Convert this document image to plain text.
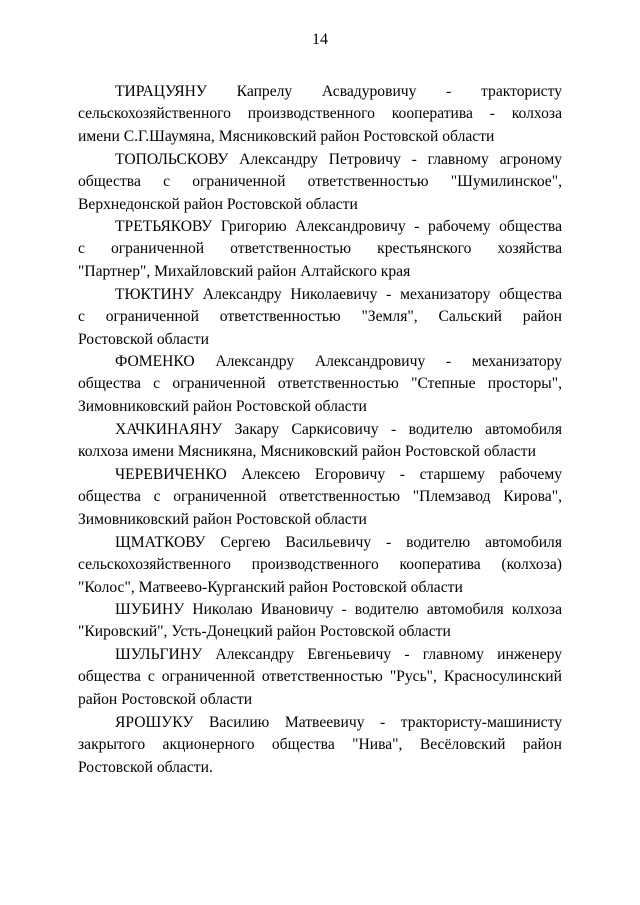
14
ТИРАЦУЯНУ Капрелу Асвадуровичу - трактористу
сельскохозяйственного производственного кооператива - колхоза
имени С.Г.Шаумяна, Мясниковский район Ростовской области
ТОПОЛЬСКОВУ Александру Петровичу - главному агроному
общества с ограниченной ответственностью "Шумилинское",
Верхнедонской район Ростовской области
ТРЕТЬЯКОВУ Григорию Александровичу - рабочему общества
с ограниченной ответственностью крестьянского хозяйства
"Партнер", Михайловский район Алтайского края
ТЮКТИНУ Александру Николаевичу - механизатору общества
с ограниченной ответственностью "Земля", Сальский район
Ростовской области
ФОМЕНКО Александру Александровичу - механизатору
общества с ограниченной ответственностью "Степные просторы",
Зимовниковский район Ростовской области
ХАЧКИНАЯНУ Закару Саркисовичу - водителю автомобиля
колхоза имени Мясникяна, Мясниковский район Ростовской области
ЧЕРЕВИЧЕНКО Алексею Егоровичу - старшему рабочему
общества с ограниченной ответственностью "Племзавод Кирова",
Зимовниковский район Ростовской области
ЩМАТКОВУ Сергею Васильевичу - водителю автомобиля
сельскохозяйственного производственного кооператива (колхоза)
"Колос", Матвеево-Курганский район Ростовской области
ШУБИНУ Николаю Ивановичу - водителю автомобиля колхоза
"Кировский", Усть-Донецкий район Ростовской области
ШУЛЬГИНУ Александру Евгеньевичу - главному инженеру
общества с ограниченной ответственностью "Русь", Красносулинский
район Ростовской области
ЯРОШУКУ Василию Матвеевичу - трактористу-машинисту
закрытого акционерного общества "Нива", Весёловский район
Ростовской области.
